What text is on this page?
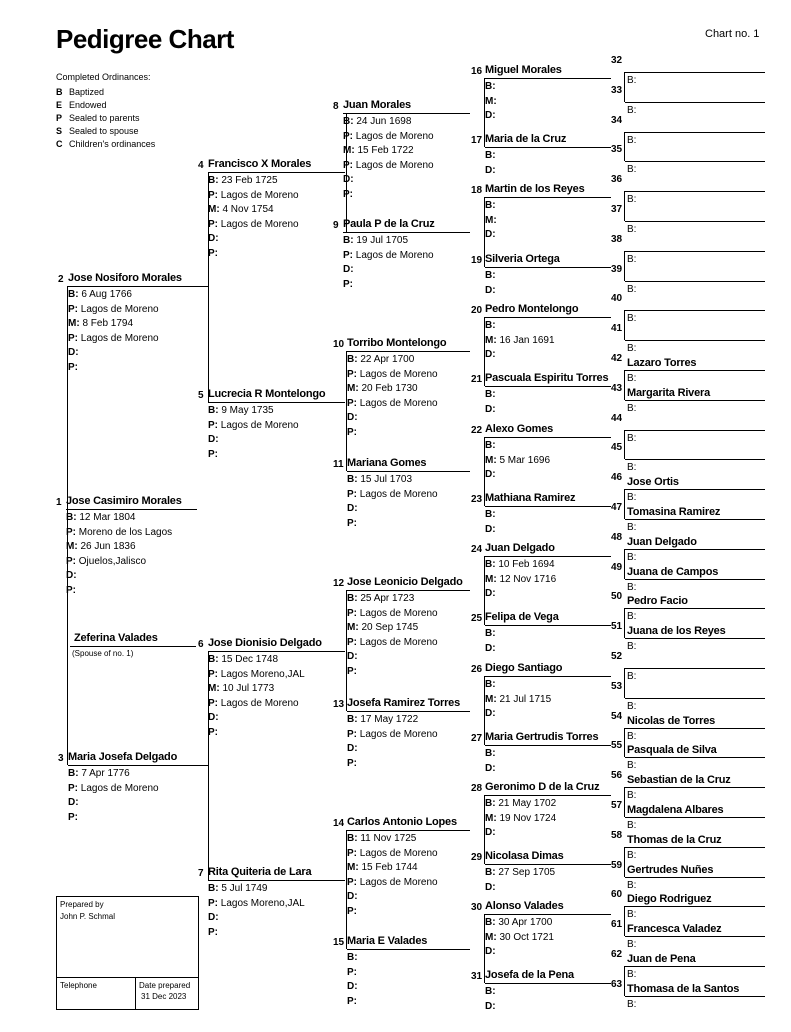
Pedigree Chart	Chart no. 1
Completed Ordinances:
B Baptized
E Endowed
P Sealed to parents
S Sealed to spouse
C Children's ordinances
Zeferina Valades
(Spouse of no. 1)
Prepared by
John P. Schmal
Telephone	Date prepared
31 Dec 2023
1 Jose Casimiro Morales
B: 12 Mar 1804
P: Moreno de los Lagos
M: 26 Jun 1836
P: Ojuelos,Jalisco
D:
P:
2 Jose Nosiforo Morales
B: 6 Aug 1766
P: Lagos de Moreno
M: 8 Feb 1794
P: Lagos de Moreno
D:
P:
3 Maria Josefa Delgado
B: 7 Apr 1776
P: Lagos de Moreno
D:
P:
4 Francisco X Morales
B: 23 Feb 1725
P: Lagos de Moreno
M: 4 Nov 1754
P: Lagos de Moreno
D:
P:
5 Lucrecia R Montelongo
B: 9 May 1735
P: Lagos de Moreno
D:
P:
6 Jose Dionisio Delgado
B: 15 Dec 1748
P: Lagos Moreno,JAL
M: 10 Jul 1773
P: Lagos de Moreno
D:
P:
7 Rita Quiteria de Lara
B: 5 Jul 1749
P: Lagos Moreno,JAL
D:
P:
8 Juan Morales
B: 24 Jun 1698
P: Lagos de Moreno
M: 15 Feb 1722
P: Lagos de Moreno
D:
P:
9 Paula P de la Cruz
B: 19 Jul 1705
P: Lagos de Moreno
D:
P:
10 Torribo Montelongo
B: 22 Apr 1700
P: Lagos de Moreno
M: 20 Feb 1730
P: Lagos de Moreno
D:
P:
11 Mariana Gomes
B: 15 Jul 1703
P: Lagos de Moreno
D:
P:
12 Jose Leonicio Delgado
B: 25 Apr 1723
P: Lagos de Moreno
M: 20 Sep 1745
P: Lagos de Moreno
D:
P:
13 Josefa Ramirez Torres
B: 17 May 1722
P: Lagos de Moreno
D:
P:
14 Carlos Antonio Lopes
B: 11 Nov 1725
P: Lagos de Moreno
M: 15 Feb 1744
P: Lagos de Moreno
D:
P:
15 Maria E Valades
B:
P:
D:
P:
16 Miguel Morales
B:
M:
D:
17 Maria de la Cruz
B:
D:
18 Martin de los Reyes
B:
M:
D:
19 Silveria Ortega
B:
D:
20 Pedro Montelongo
B:
M: 16 Jan 1691
D:
21 Pascuala Espiritu Torres
B:
D:
22 Alexo Gomes
B:
M: 5 Mar 1696
D:
23 Mathiana Ramirez
B:
D:
24 Juan Delgado
B: 10 Feb 1694
M: 12 Nov 1716
D:
25 Felipa de Vega
B:
D:
26 Diego Santiago
B:
M: 21 Jul 1715
D:
27 Maria Gertrudis Torres
B:
D:
28 Geronimo D de la Cruz
B: 21 May 1702
M: 19 Nov 1724
D:
29 Nicolasa Dimas
B: 27 Sep 1705
D:
30 Alonso Valades
B: 30 Apr 1700
M: 30 Oct 1721
D:
31 Josefa de la Pena
B:
D:
32
B:
33
B:
34
B:
35
B:
36
B:
37
B:
38
B:
39
B:
40
B:
41
B:
42 Lazaro Torres
B:
43 Margarita Rivera
B:
44
B:
45
B:
46 Jose Ortis
B:
47 Tomasina Ramirez
B:
48 Juan Delgado
B:
49 Juana de Campos
B:
50 Pedro Facio
B:
51 Juana de los Reyes
B:
52
B:
53
B:
54 Nicolas de Torres
B:
55 Pasquala de Silva
B:
56 Sebastian de la Cruz
B:
57 Magdalena Albares
B:
58 Thomas de la Cruz
B:
59 Gertrudes Nuñes
B:
60 Diego Rodriguez
B:
61 Francesca Valadez
B:
62 Juan de Pena
B:
63 Thomasa de la Santos
B:
